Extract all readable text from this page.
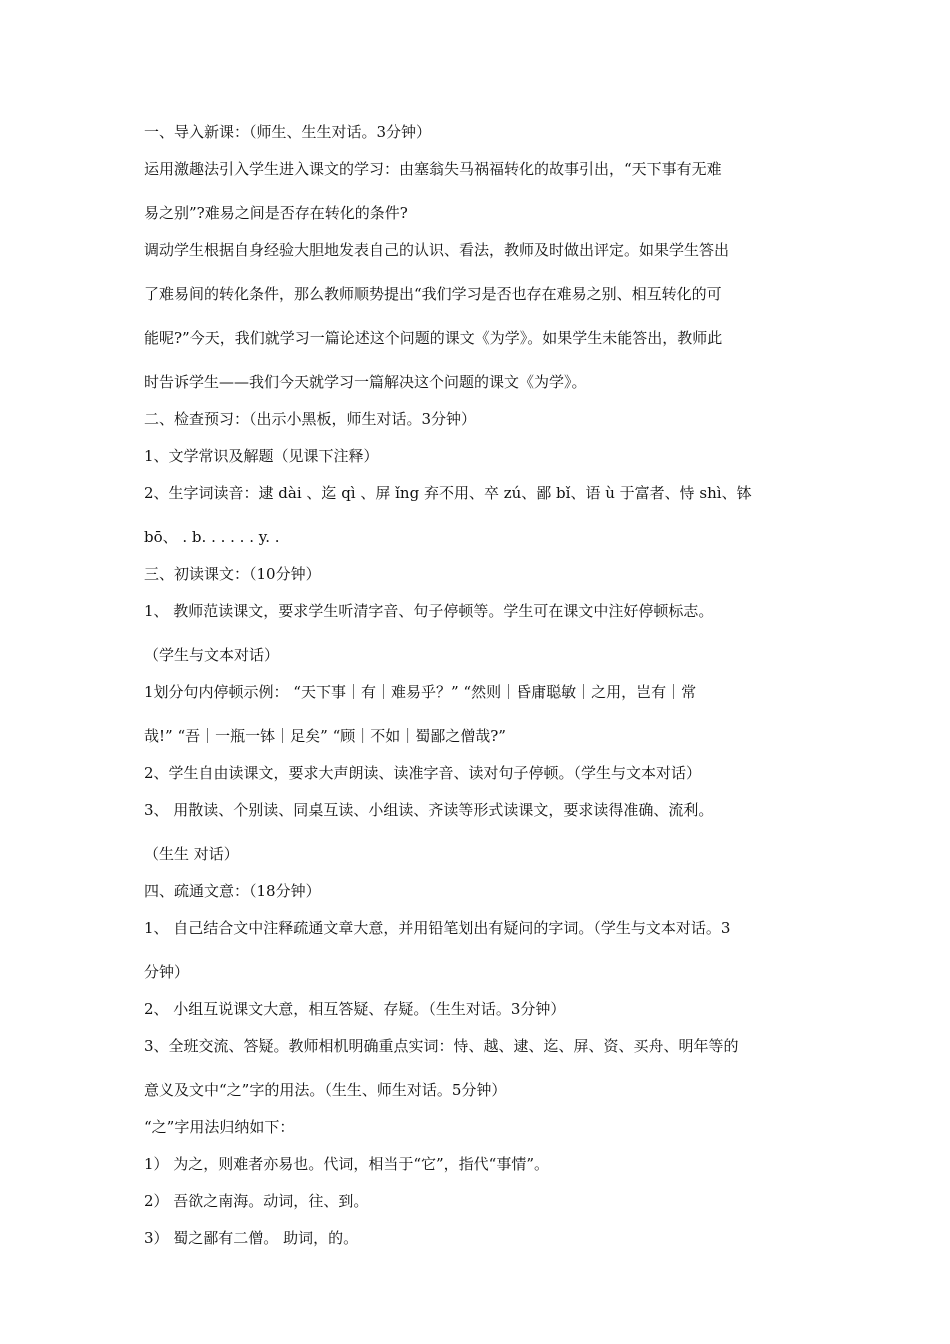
一、导入新课：（师生、生生对话。3分钟）

运用激趣法引入学生进入课文的学习：由塞翁失马祸福转化的故事引出，“天下事有无难

易之别”?难易之间是否存在转化的条件?

调动学生根据自身经验大胆地发表自己的认识、看法，教师及时做出评定。如果学生答出

了难易间的转化条件，那么教师顺势提出“我们学习是否也存在难易之别、相互转化的可

能呢?”今天，我们就学习一篇论述这个问题的课文《为学》。如果学生未能答出，教师此

时告诉学生——我们今天就学习一篇解决这个问题的课文《为学》。

二、检查预习：（出示小黑板，师生对话。3分钟）

1、文学常识及解题（见课下注释）

2、生字词读音：逮 dài 、迄 qì 、屏 ǐng 弃不用、卒 zú、鄙 bǐ、语 ù 于富者、恃 shì、钵

bō、 . b. . . . . . y. .

三、初读课文：（10分钟）

1、 教师范读课文，要求学生听清字音、句子停顿等。学生可在课文中注好停顿标志。

（学生与文本对话）

1划分句内停顿示例： “天下事｜有｜难易乎？” “然则｜昏庸聪敏｜之用，岂有｜常

哉!” “吾｜一瓶一钵｜足矣” “顾｜不如｜蜀鄙之僧哉?”

2、学生自由读课文，要求大声朗读、读准字音、读对句子停顿。（学生与文本对话）

3、 用散读、个别读、同桌互读、小组读、齐读等形式读课文，要求读得准确、流利。

（生生 对话）

四、疏通文意：（18分钟）

1、 自己结合文中注释疏通文章大意，并用铅笔划出有疑问的字词。（学生与文本对话。3

分钟）

2、 小组互说课文大意，相互答疑、存疑。（生生对话。3分钟）

3、全班交流、答疑。教师相机明确重点实词：恃、越、逮、迄、屏、资、买舟、明年等的

意义及文中“之”字的用法。（生生、师生对话。5分钟）

“之”字用法归纳如下：

1） 为之，则难者亦易也。代词，相当于“它”，指代“事情”。

2） 吾欲之南海。动词，往、到。

3） 蜀之鄙有二僧。 助词，的。
